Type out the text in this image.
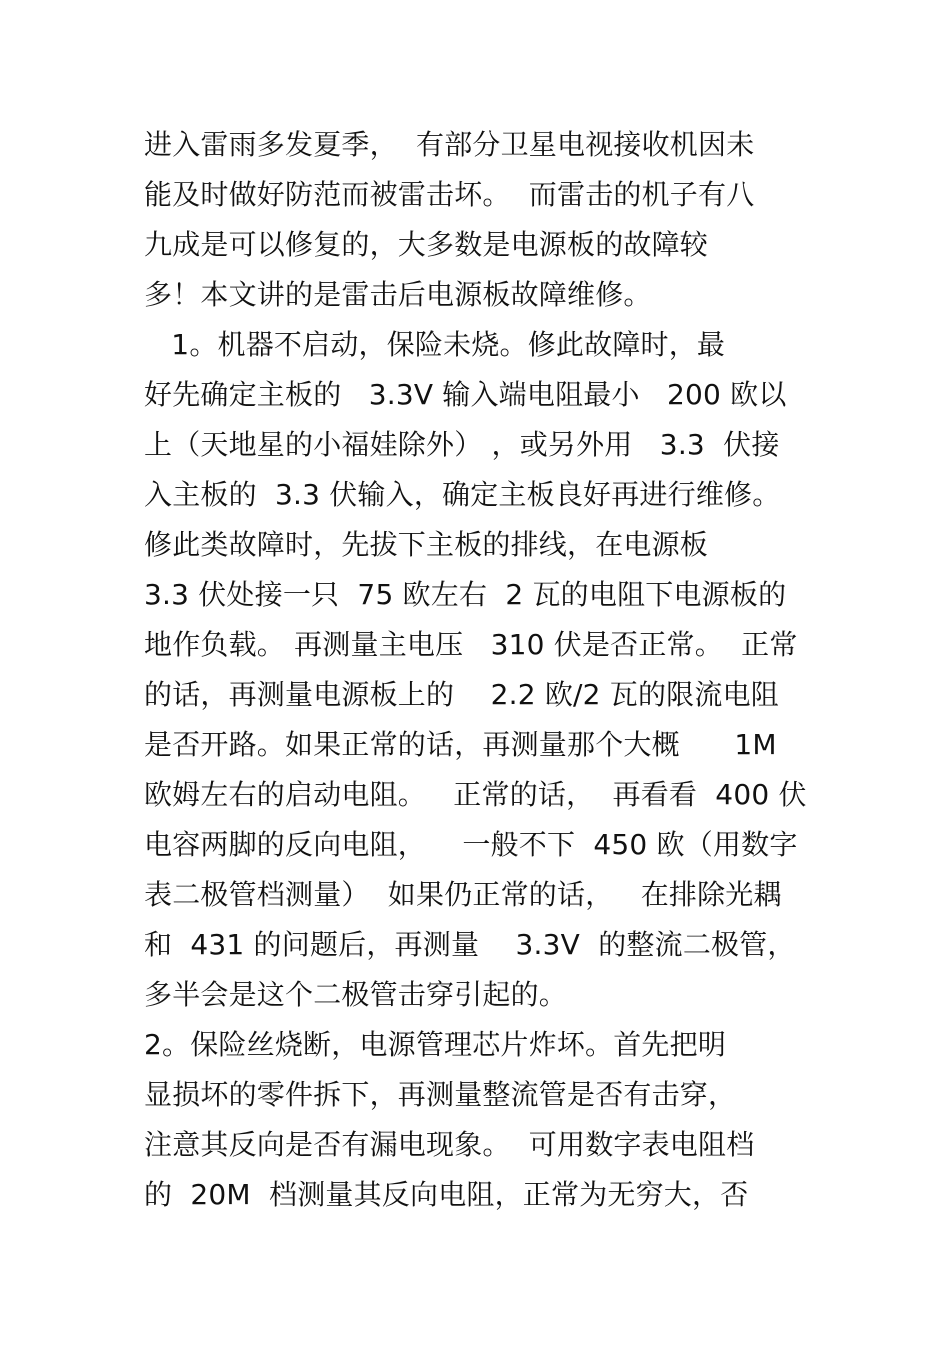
进入雷雨多发夏季，  有部分卫星电视接收机因未
能及时做好防范而被雷击坏。  而雷击的机子有八
九成是可以修复的，大多数是电源板的故障较
多！本文讲的是雷击后电源板故障维修。
1。机器不启动，保险未烧。修此故障时，最
好先确定主板的   3.3V 输入端电阻最小   200 欧以
上（天地星的小福娃除外） ，或另外用   3.3  伏接
入主板的  3.3 伏输入，确定主板良好再进行维修。
修此类故障时，先拔下主板的排线，在电源板
3.3 伏处接一只  75 欧左右  2 瓦的电阻下电源板的
地作负载。 再测量主电压   310 伏是否正常。  正常
的话，再测量电源板上的    2.2 欧/2 瓦的限流电阻
是否开路。如果正常的话，再测量那个大概      1M
欧姆左右的启动电阻。   正常的话，  再看看  400 伏
电容两脚的反向电阻，    一般不下  450 欧（用数字
表二极管档测量）  如果仍正常的话，   在排除光耦
和  431 的问题后，再测量    3.3V  的整流二极管，
多半会是这个二极管击穿引起的。
2。保险丝烧断，电源管理芯片炸坏。首先把明
显损坏的零件拆下，再测量整流管是否有击穿，
注意其反向是否有漏电现象。  可用数字表电阻档
的  20M  档测量其反向电阻，正常为无穷大，否
